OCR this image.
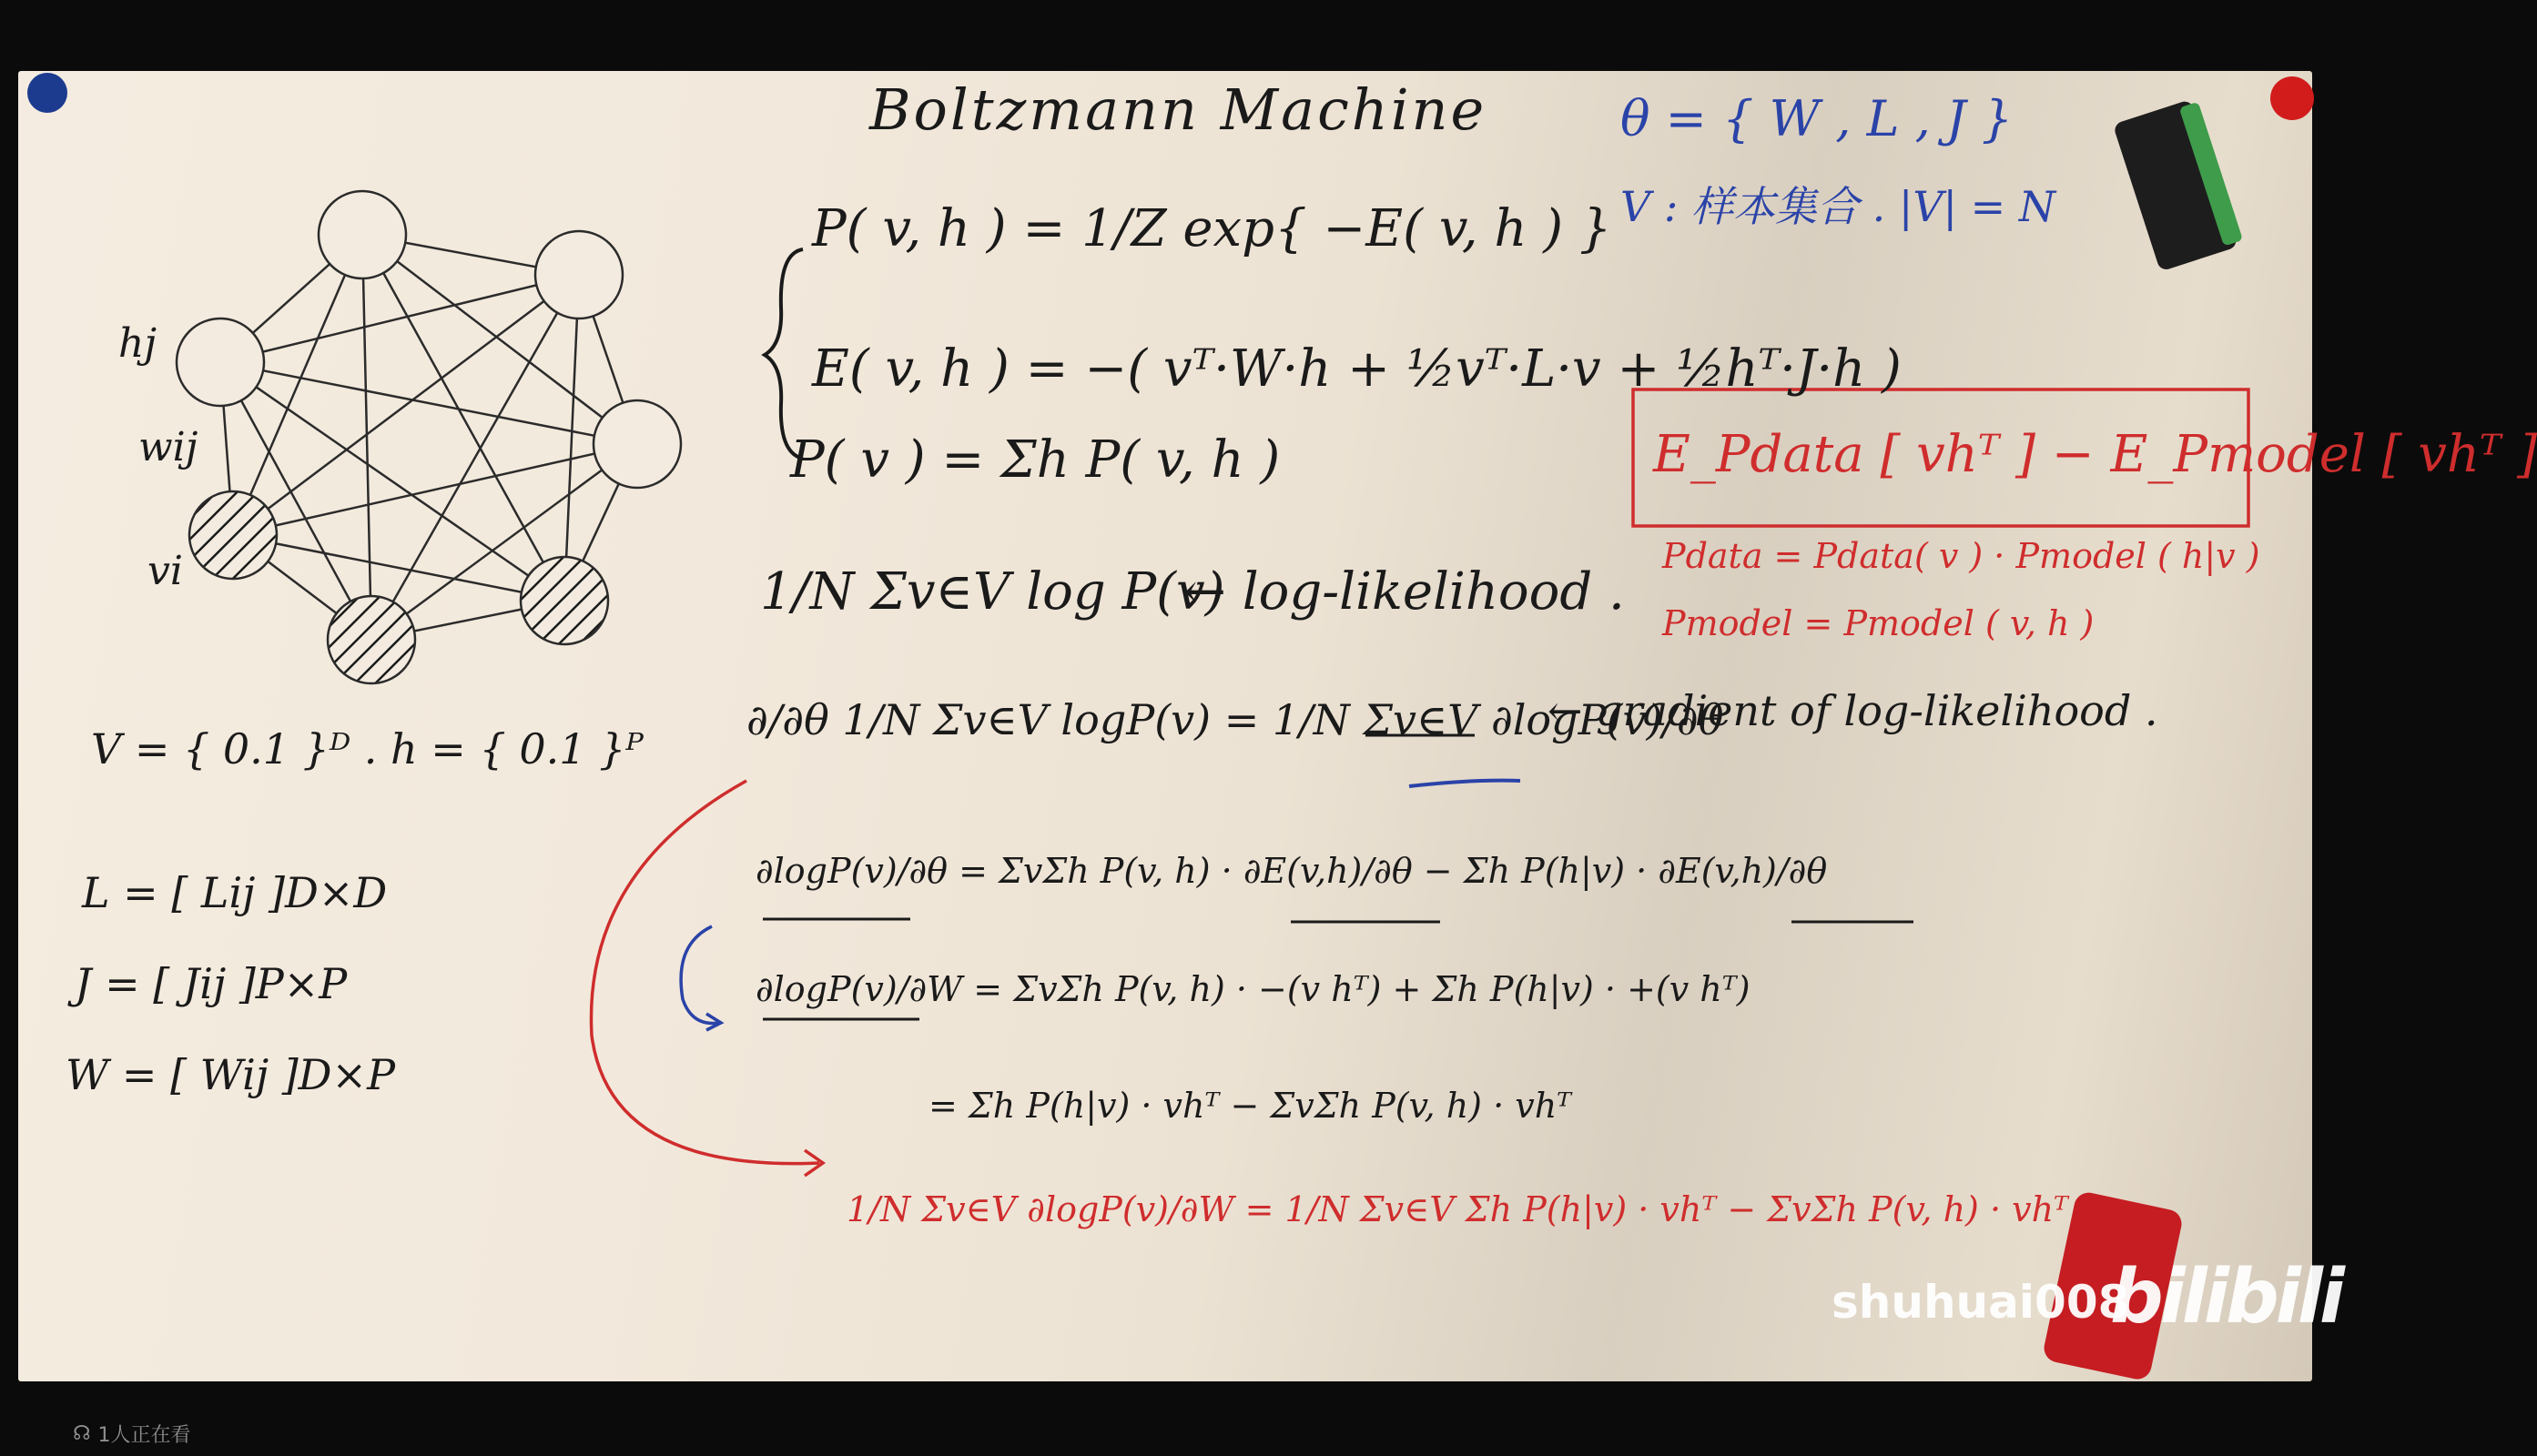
Boltzmann Machine	θ = { W , L , J }
V : 样本集合 . |V| = N
hj
wij
vi
V = { 0.1 }ᴰ . h = { 0.1 }ᴾ
L = [ Lij ]D×D
J = [ Jij ]P×P
W = [ Wij ]D×P
P( v, h ) = 1/Z exp{ −E( v, h ) }
E( v, h ) = −( vᵀ·W·h + ½vᵀ·L·v + ½hᵀ·J·h )
P( v ) = Σh P( v, h )
1/N Σv∈V log P(v)
← log-likelihood .
∂/∂θ 1/N Σv∈V logP(v) = 1/N Σv∈V ∂logP(v)/∂θ
← gradient of log-likelihood .
∂logP(v)/∂θ = ΣvΣh P(v, h) · ∂E(v,h)/∂θ − Σh P(h|v) · ∂E(v,h)/∂θ
∂logP(v)/∂W = ΣvΣh P(v, h) · −(v hᵀ) + Σh P(h|v) · +(v hᵀ)
= Σh P(h|v) · vhᵀ − ΣvΣh P(v, h) · vhᵀ
1/N Σv∈V ∂logP(v)/∂W = 1/N Σv∈V Σh P(h|v) · vhᵀ − ΣvΣh P(v, h) · vhᵀ
E_Pdata [ vhᵀ ] − E_Pmodel [ vhᵀ ]
Pdata = Pdata( v ) · Pmodel ( h|v )
Pmodel = Pmodel ( v, h )
shuhuai008
bilibili
☊ 1人正在看
